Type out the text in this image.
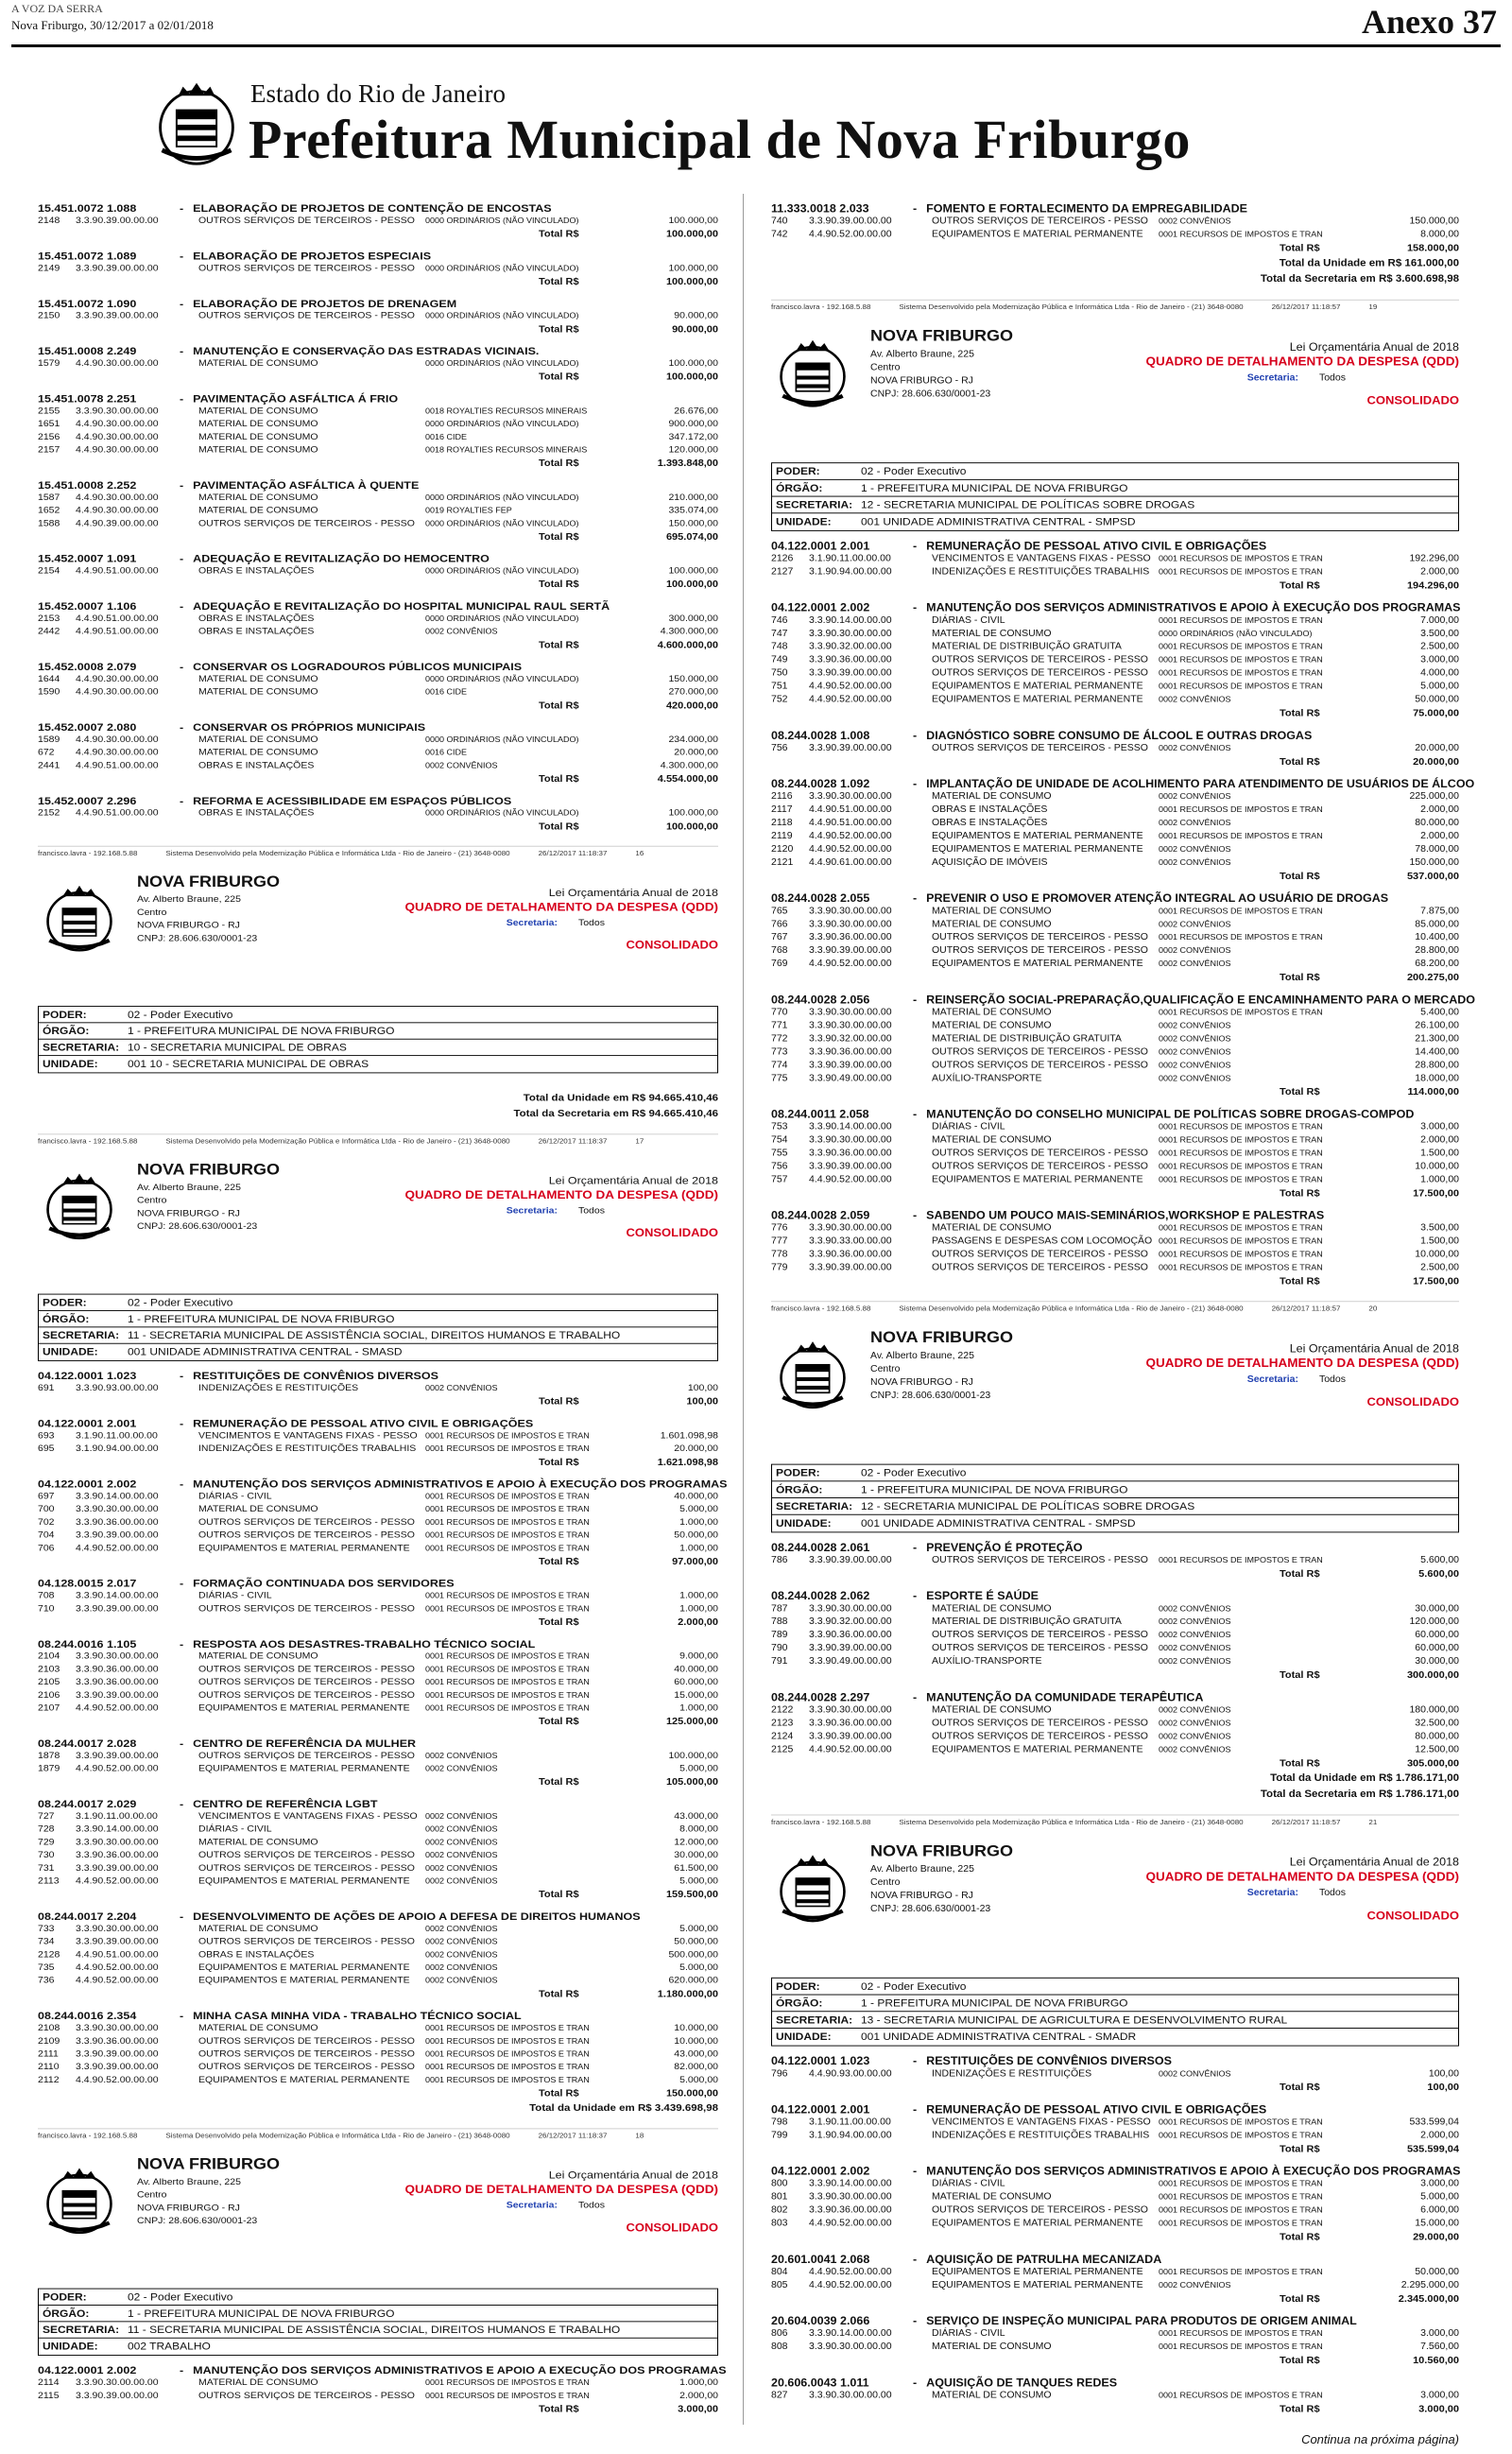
A VOZ DA SERRA
Nova Friburgo, 30/12/2017 a 02/01/2018	Anexo 37
Estado do Rio de Janeiro
Prefeitura Municipal de Nova Friburgo
15.451.0072 1.088	- ELABORAÇÃO DE PROJETOS DE CONTENÇÃO DE ENCOSTAS
2148	3.3.90.39.00.00.00	OUTROS SERVIÇOS DE TERCEIROS - PESSO	0000 ORDINÁRIOS (NÃO VINCULADO)	100.000,00
Total R$	100.000,00
15.451.0072 1.089	- ELABORAÇÃO DE PROJETOS ESPECIAIS
2149	3.3.90.39.00.00.00	OUTROS SERVIÇOS DE TERCEIROS - PESSO	0000 ORDINÁRIOS (NÃO VINCULADO)	100.000,00
Total R$	100.000,00
15.451.0072 1.090	- ELABORAÇÃO DE PROJETOS DE DRENAGEM
2150	3.3.90.39.00.00.00	OUTROS SERVIÇOS DE TERCEIROS - PESSO	0000 ORDINÁRIOS (NÃO VINCULADO)	90.000,00
Total R$	90.000,00
15.451.0008 2.249	- MANUTENÇÃO E CONSERVAÇÃO DAS ESTRADAS VICINAIS.
1579	4.4.90.30.00.00.00	MATERIAL DE CONSUMO	0000 ORDINÁRIOS (NÃO VINCULADO)	100.000,00
Total R$	100.000,00
15.451.0078 2.251	- PAVIMENTAÇÃO ASFÁLTICA Á FRIO
2155	3.3.90.30.00.00.00	MATERIAL DE CONSUMO	0018 ROYALTIES RECURSOS MINERAIS	26.676,00
1651	4.4.90.30.00.00.00	MATERIAL DE CONSUMO	0000 ORDINÁRIOS (NÃO VINCULADO)	900.000,00
2156	4.4.90.30.00.00.00	MATERIAL DE CONSUMO	0016 CIDE	347.172,00
2157	4.4.90.30.00.00.00	MATERIAL DE CONSUMO	0018 ROYALTIES RECURSOS MINERAIS	120.000,00
Total R$	1.393.848,00
15.451.0008 2.252	- PAVIMENTAÇÃO ASFÁLTICA À QUENTE
1587	4.4.90.30.00.00.00	MATERIAL DE CONSUMO	0000 ORDINÁRIOS (NÃO VINCULADO)	210.000,00
1652	4.4.90.30.00.00.00	MATERIAL DE CONSUMO	0019 ROYALTIES FEP	335.074,00
1588	4.4.90.39.00.00.00	OUTROS SERVIÇOS DE TERCEIROS - PESSO	0000 ORDINÁRIOS (NÃO VINCULADO)	150.000,00
Total R$	695.074,00
15.452.0007 1.091	- ADEQUAÇÃO E REVITALIZAÇÃO DO HEMOCENTRO
2154	4.4.90.51.00.00.00	OBRAS E INSTALAÇÕES	0000 ORDINÁRIOS (NÃO VINCULADO)	100.000,00
Total R$	100.000,00
15.452.0007 1.106	- ADEQUAÇÃO E REVITALIZAÇÃO DO HOSPITAL MUNICIPAL RAUL SERTÃ
2153	4.4.90.51.00.00.00	OBRAS E INSTALAÇÕES	0000 ORDINÁRIOS (NÃO VINCULADO)	300.000,00
2442	4.4.90.51.00.00.00	OBRAS E INSTALAÇÕES	0002 CONVÊNIOS	4.300.000,00
Total R$	4.600.000,00
15.452.0008 2.079	- CONSERVAR OS LOGRADOUROS PÚBLICOS MUNICIPAIS
1644	4.4.90.30.00.00.00	MATERIAL DE CONSUMO	0000 ORDINÁRIOS (NÃO VINCULADO)	150.000,00
1590	4.4.90.30.00.00.00	MATERIAL DE CONSUMO	0016 CIDE	270.000,00
Total R$	420.000,00
15.452.0007 2.080	- CONSERVAR OS PRÓPRIOS MUNICIPAIS
1589	4.4.90.30.00.00.00	MATERIAL DE CONSUMO	0000 ORDINÁRIOS (NÃO VINCULADO)	234.000,00
672	4.4.90.30.00.00.00	MATERIAL DE CONSUMO	0016 CIDE	20.000,00
2441	4.4.90.51.00.00.00	OBRAS E INSTALAÇÕES	0002 CONVÊNIOS	4.300.000,00
Total R$	4.554.000,00
15.452.0007 2.296	- REFORMA E ACESSIBILIDADE EM ESPAÇOS PÚBLICOS
2152	4.4.90.51.00.00.00	OBRAS E INSTALAÇÕES	0000 ORDINÁRIOS (NÃO VINCULADO)	100.000,00
Total R$	100.000,00
francisco.lavra - 192.168.5.88	Sistema Desenvolvido pela Modernização Pública e Informática Ltda - Rio de Janeiro - (21) 3648-0080	26/12/2017 11:18:37	16
NOVA FRIBURGO
Av. Alberto Braune, 225
Centro
NOVA FRIBURGO - RJ
CNPJ: 28.606.630/0001-23
Lei Orçamentária Anual de 2018
QUADRO DE DETALHAMENTO DA DESPESA (QDD)
Secretaria: Todos
CONSOLIDADO
PODER:	02 - Poder Executivo
ÓRGÃO:	1 - PREFEITURA MUNICIPAL DE NOVA FRIBURGO
SECRETARIA: 10 - SECRETARIA MUNICIPAL DE OBRAS
UNIDADE:	001 10 - SECRETARIA MUNICIPAL DE OBRAS
Total da Unidade em R$ 94.665.410,46
Total da Secretaria em R$ 94.665.410,46
francisco.lavra - 192.168.5.88	Sistema Desenvolvido pela Modernização Pública e Informática Ltda - Rio de Janeiro - (21) 3648-0080	26/12/2017 11:18:37	17
NOVA FRIBURGO
Av. Alberto Braune, 225
Centro
NOVA FRIBURGO - RJ
CNPJ: 28.606.630/0001-23
Lei Orçamentária Anual de 2018
QUADRO DE DETALHAMENTO DA DESPESA (QDD)
Secretaria: Todos
CONSOLIDADO
PODER:	02 - Poder Executivo
ÓRGÃO:	1 - PREFEITURA MUNICIPAL DE NOVA FRIBURGO
SECRETARIA: 11 - SECRETARIA MUNICIPAL DE ASSISTÊNCIA SOCIAL, DIREITOS HUMANOS E TRABALHO
UNIDADE:	001 UNIDADE ADMINISTRATIVA CENTRAL - SMASD
04.122.0001 1.023	- RESTITUIÇÕES DE CONVÊNIOS DIVERSOS
691	3.3.90.93.00.00.00	INDENIZAÇÕES E RESTITUIÇÕES	0002 CONVÊNIOS	100,00
Total R$	100,00
04.122.0001 2.001	- REMUNERAÇÃO DE PESSOAL ATIVO CIVIL E OBRIGAÇÕES
693	3.1.90.11.00.00.00	VENCIMENTOS E VANTAGENS FIXAS - PESSO 0001 RECURSOS DE IMPOSTOS E TRAN	1.601.098,98
695	3.1.90.94.00.00.00	INDENIZAÇÕES E RESTITUIÇÕES TRABALHIS	0001 RECURSOS DE IMPOSTOS E TRAN	20.000,00
Total R$	1.621.098,98
04.122.0001 2.002	- MANUTENÇÃO DOS SERVIÇOS ADMINISTRATIVOS E APOIO À EXECUÇÃO DOS PROGRAMAS
697	3.3.90.14.00.00.00	DIÁRIAS - CIVIL	0001 RECURSOS DE IMPOSTOS E TRAN	40.000,00
700	3.3.90.30.00.00.00	MATERIAL DE CONSUMO	0001 RECURSOS DE IMPOSTOS E TRAN	5.000,00
702	3.3.90.36.00.00.00	OUTROS SERVIÇOS DE TERCEIROS - PESSO	0001 RECURSOS DE IMPOSTOS E TRAN	1.000,00
704	3.3.90.39.00.00.00	OUTROS SERVIÇOS DE TERCEIROS - PESSO	0001 RECURSOS DE IMPOSTOS E TRAN	50.000,00
706	4.4.90.52.00.00.00	EQUIPAMENTOS E MATERIAL PERMANENTE	0001 RECURSOS DE IMPOSTOS E TRAN	1.000,00
Total R$	97.000,00
04.128.0015 2.017	- FORMAÇÃO CONTINUADA DOS SERVIDORES
708	3.3.90.14.00.00.00	DIÁRIAS - CIVIL	0001 RECURSOS DE IMPOSTOS E TRAN	1.000,00
710	3.3.90.39.00.00.00	OUTROS SERVIÇOS DE TERCEIROS - PESSO	0001 RECURSOS DE IMPOSTOS E TRAN	1.000,00
Total R$	2.000,00
08.244.0016 1.105	- RESPOSTA AOS DESASTRES-TRABALHO TÉCNICO SOCIAL
2104	3.3.90.30.00.00.00	MATERIAL DE CONSUMO	0001 RECURSOS DE IMPOSTOS E TRAN	9.000,00
2103	3.3.90.36.00.00.00	OUTROS SERVIÇOS DE TERCEIROS - PESSO	0001 RECURSOS DE IMPOSTOS E TRAN	40.000,00
2105	3.3.90.36.00.00.00	OUTROS SERVIÇOS DE TERCEIROS - PESSO	0001 RECURSOS DE IMPOSTOS E TRAN	60.000,00
2106	3.3.90.39.00.00.00	OUTROS SERVIÇOS DE TERCEIROS - PESSO	0001 RECURSOS DE IMPOSTOS E TRAN	15.000,00
2107	4.4.90.52.00.00.00	EQUIPAMENTOS E MATERIAL PERMANENTE	0001 RECURSOS DE IMPOSTOS E TRAN	1.000,00
Total R$	125.000,00
08.244.0017 2.028	- CENTRO DE REFERÊNCIA DA MULHER
1878	3.3.90.39.00.00.00	OUTROS SERVIÇOS DE TERCEIROS - PESSO	0002 CONVÊNIOS	100.000,00
1879	4.4.90.52.00.00.00	EQUIPAMENTOS E MATERIAL PERMANENTE	0002 CONVÊNIOS	5.000,00
Total R$	105.000,00
08.244.0017 2.029	- CENTRO DE REFERÊNCIA LGBT
727	3.1.90.11.00.00.00	VENCIMENTOS E VANTAGENS FIXAS - PESSO 0002 CONVÊNIOS	43.000,00
728	3.3.90.14.00.00.00	DIÁRIAS - CIVIL	0002 CONVÊNIOS	8.000,00
729	3.3.90.30.00.00.00	MATERIAL DE CONSUMO	0002 CONVÊNIOS	12.000,00
730	3.3.90.36.00.00.00	OUTROS SERVIÇOS DE TERCEIROS - PESSO	0002 CONVÊNIOS	30.000,00
731	3.3.90.39.00.00.00	OUTROS SERVIÇOS DE TERCEIROS - PESSO	0002 CONVÊNIOS	61.500,00
2113	4.4.90.52.00.00.00	EQUIPAMENTOS E MATERIAL PERMANENTE	0002 CONVÊNIOS	5.000,00
Total R$	159.500,00
08.244.0017 2.204	- DESENVOLVIMENTO DE AÇÕES DE APOIO A DEFESA DE DIREITOS HUMANOS
733	3.3.90.30.00.00.00	MATERIAL DE CONSUMO	0002 CONVÊNIOS	5.000,00
734	3.3.90.39.00.00.00	OUTROS SERVIÇOS DE TERCEIROS - PESSO	0002 CONVÊNIOS	50.000,00
2128	4.4.90.51.00.00.00	OBRAS E INSTALAÇÕES	0002 CONVÊNIOS	500.000,00
735	4.4.90.52.00.00.00	EQUIPAMENTOS E MATERIAL PERMANENTE	0002 CONVÊNIOS	5.000,00
736	4.4.90.52.00.00.00	EQUIPAMENTOS E MATERIAL PERMANENTE	0002 CONVÊNIOS	620.000,00
Total R$	1.180.000,00
08.244.0016 2.354	- MINHA CASA MINHA VIDA - TRABALHO TÉCNICO SOCIAL
2108	3.3.90.30.00.00.00	MATERIAL DE CONSUMO	0001 RECURSOS DE IMPOSTOS E TRAN	10.000,00
2109	3.3.90.36.00.00.00	OUTROS SERVIÇOS DE TERCEIROS - PESSO	0001 RECURSOS DE IMPOSTOS E TRAN	10.000,00
2111	3.3.90.39.00.00.00	OUTROS SERVIÇOS DE TERCEIROS - PESSO	0001 RECURSOS DE IMPOSTOS E TRAN	43.000,00
2110	3.3.90.39.00.00.00	OUTROS SERVIÇOS DE TERCEIROS - PESSO	0001 RECURSOS DE IMPOSTOS E TRAN	82.000,00
2112	4.4.90.52.00.00.00	EQUIPAMENTOS E MATERIAL PERMANENTE	0001 RECURSOS DE IMPOSTOS E TRAN	5.000,00
Total R$	150.000,00
Total da Unidade em R$ 3.439.698,98
francisco.lavra - 192.168.5.88	Sistema Desenvolvido pela Modernização Pública e Informática Ltda - Rio de Janeiro - (21) 3648-0080	26/12/2017 11:18:37	18
NOVA FRIBURGO
Av. Alberto Braune, 225
Centro
NOVA FRIBURGO - RJ
CNPJ: 28.606.630/0001-23
Lei Orçamentária Anual de 2018
QUADRO DE DETALHAMENTO DA DESPESA (QDD)
Secretaria: Todos
CONSOLIDADO
PODER:	02 - Poder Executivo
ÓRGÃO:	1 - PREFEITURA MUNICIPAL DE NOVA FRIBURGO
SECRETARIA: 11 - SECRETARIA MUNICIPAL DE ASSISTÊNCIA SOCIAL, DIREITOS HUMANOS E TRABALHO
UNIDADE:	002 TRABALHO
04.122.0001 2.002	- MANUTENÇÃO DOS SERVIÇOS ADMINISTRATIVOS E APOIO A EXECUÇÃO DOS PROGRAMAS
2114	3.3.90.30.00.00.00	MATERIAL DE CONSUMO	0001 RECURSOS DE IMPOSTOS E TRAN	1.000,00
2115	3.3.90.39.00.00.00	OUTROS SERVIÇOS DE TERCEIROS - PESSO	0001 RECURSOS DE IMPOSTOS E TRAN	2.000,00
Total R$	3.000,00
11.333.0018 2.033	- FOMENTO E FORTALECIMENTO DA EMPREGABILIDADE
740	3.3.90.39.00.00.00	OUTROS SERVIÇOS DE TERCEIROS - PESSO	0002 CONVÊNIOS	150.000,00
742	4.4.90.52.00.00.00	EQUIPAMENTOS E MATERIAL PERMANENTE	0001 RECURSOS DE IMPOSTOS E TRAN	8.000,00
Total R$	158.000,00
Total da Unidade em R$ 161.000,00
Total da Secretaria em R$ 3.600.698,98
francisco.lavra - 192.168.5.88	Sistema Desenvolvido pela Modernização Pública e Informática Ltda - Rio de Janeiro - (21) 3648-0080	26/12/2017 11:18:57	19
NOVA FRIBURGO
Av. Alberto Braune, 225
Centro
NOVA FRIBURGO - RJ
CNPJ: 28.606.630/0001-23
Lei Orçamentária Anual de 2018
QUADRO DE DETALHAMENTO DA DESPESA (QDD)
Secretaria: Todos
CONSOLIDADO
PODER:	02 - Poder Executivo
ÓRGÃO:	1 - PREFEITURA MUNICIPAL DE NOVA FRIBURGO
SECRETARIA: 12 - SECRETARIA MUNICIPAL DE POLÍTICAS SOBRE DROGAS
UNIDADE:	001 UNIDADE ADMINISTRATIVA CENTRAL - SMPSD
04.122.0001 2.001	- REMUNERAÇÃO DE PESSOAL ATIVO CIVIL E OBRIGAÇÕES
2126	3.1.90.11.00.00.00	VENCIMENTOS E VANTAGENS FIXAS - PESSO 0001 RECURSOS DE IMPOSTOS E TRAN	192.296,00
2127	3.1.90.94.00.00.00	INDENIZAÇÕES E RESTITUIÇÕES TRABALHIS	0001 RECURSOS DE IMPOSTOS E TRAN	2.000,00
Total R$	194.296,00
04.122.0001 2.002	- MANUTENÇÃO DOS SERVIÇOS ADMINISTRATIVOS E APOIO À EXECUÇÃO DOS PROGRAMAS
746	3.3.90.14.00.00.00	DIÁRIAS - CIVIL	0001 RECURSOS DE IMPOSTOS E TRAN	7.000,00
747	3.3.90.30.00.00.00	MATERIAL DE CONSUMO	0000 ORDINÁRIOS (NÃO VINCULADO)	3.500,00
748	3.3.90.32.00.00.00	MATERIAL DE DISTRIBUIÇÃO GRATUITA	0001 RECURSOS DE IMPOSTOS E TRAN	2.500,00
749	3.3.90.36.00.00.00	OUTROS SERVIÇOS DE TERCEIROS - PESSO	0001 RECURSOS DE IMPOSTOS E TRAN	3.000,00
750	3.3.90.39.00.00.00	OUTROS SERVIÇOS DE TERCEIROS - PESSO	0001 RECURSOS DE IMPOSTOS E TRAN	4.000,00
751	4.4.90.52.00.00.00	EQUIPAMENTOS E MATERIAL PERMANENTE	0001 RECURSOS DE IMPOSTOS E TRAN	5.000,00
752	4.4.90.52.00.00.00	EQUIPAMENTOS E MATERIAL PERMANENTE	0002 CONVÊNIOS	50.000,00
Total R$	75.000,00
08.244.0028 1.008	- DIAGNÓSTICO SOBRE CONSUMO DE ÁLCOOL E OUTRAS DROGAS
756	3.3.90.39.00.00.00	OUTROS SERVIÇOS DE TERCEIROS - PESSO	0002 CONVÊNIOS	20.000,00
Total R$	20.000,00
08.244.0028 1.092	- IMPLANTAÇÃO DE UNIDADE DE ACOLHIMENTO PARA ATENDIMENTO DE USUÁRIOS DE ÁLCOO
2116	3.3.90.30.00.00.00	MATERIAL DE CONSUMO	0002 CONVÊNIOS	225.000,00
2117	4.4.90.51.00.00.00	OBRAS E INSTALAÇÕES	0001 RECURSOS DE IMPOSTOS E TRAN	2.000,00
2118	4.4.90.51.00.00.00	OBRAS E INSTALAÇÕES	0002 CONVÊNIOS	80.000,00
2119	4.4.90.52.00.00.00	EQUIPAMENTOS E MATERIAL PERMANENTE	0001 RECURSOS DE IMPOSTOS E TRAN	2.000,00
2120	4.4.90.52.00.00.00	EQUIPAMENTOS E MATERIAL PERMANENTE	0002 CONVÊNIOS	78.000,00
2121	4.4.90.61.00.00.00	AQUISIÇÃO DE IMÓVEIS	0002 CONVÊNIOS	150.000,00
Total R$	537.000,00
08.244.0028 2.055	- PREVENIR O USO E PROMOVER ATENÇÃO INTEGRAL AO USUÁRIO DE DROGAS
765	3.3.90.30.00.00.00	MATERIAL DE CONSUMO	0001 RECURSOS DE IMPOSTOS E TRAN	7.875,00
766	3.3.90.30.00.00.00	MATERIAL DE CONSUMO	0002 CONVÊNIOS	85.000,00
767	3.3.90.36.00.00.00	OUTROS SERVIÇOS DE TERCEIROS - PESSO	0001 RECURSOS DE IMPOSTOS E TRAN	10.400,00
768	3.3.90.39.00.00.00	OUTROS SERVIÇOS DE TERCEIROS - PESSO	0002 CONVÊNIOS	28.800,00
769	4.4.90.52.00.00.00	EQUIPAMENTOS E MATERIAL PERMANENTE	0002 CONVÊNIOS	68.200,00
Total R$	200.275,00
08.244.0028 2.056	- REINSERÇÃO SOCIAL-PREPARAÇÃO,QUALIFICAÇÃO E ENCAMINHAMENTO PARA O MERCADO
770	3.3.90.30.00.00.00	MATERIAL DE CONSUMO	0001 RECURSOS DE IMPOSTOS E TRAN	5.400,00
771	3.3.90.30.00.00.00	MATERIAL DE CONSUMO	0002 CONVÊNIOS	26.100,00
772	3.3.90.32.00.00.00	MATERIAL DE DISTRIBUIÇÃO GRATUITA	0002 CONVÊNIOS	21.300,00
773	3.3.90.36.00.00.00	OUTROS SERVIÇOS DE TERCEIROS - PESSO	0002 CONVÊNIOS	14.400,00
774	3.3.90.39.00.00.00	OUTROS SERVIÇOS DE TERCEIROS - PESSO	0002 CONVÊNIOS	28.800,00
775	3.3.90.49.00.00.00	AUXÍLIO-TRANSPORTE	0002 CONVÊNIOS	18.000,00
Total R$	114.000,00
08.244.0011 2.058	- MANUTENÇÃO DO CONSELHO MUNICIPAL DE POLÍTICAS SOBRE DROGAS-COMPOD
753	3.3.90.14.00.00.00	DIÁRIAS - CIVIL	0001 RECURSOS DE IMPOSTOS E TRAN	3.000,00
754	3.3.90.30.00.00.00	MATERIAL DE CONSUMO	0001 RECURSOS DE IMPOSTOS E TRAN	2.000,00
755	3.3.90.36.00.00.00	OUTROS SERVIÇOS DE TERCEIROS - PESSO	0001 RECURSOS DE IMPOSTOS E TRAN	1.500,00
756	3.3.90.39.00.00.00	OUTROS SERVIÇOS DE TERCEIROS - PESSO	0001 RECURSOS DE IMPOSTOS E TRAN	10.000,00
757	4.4.90.52.00.00.00	EQUIPAMENTOS E MATERIAL PERMANENTE	0001 RECURSOS DE IMPOSTOS E TRAN	1.000,00
Total R$	17.500,00
08.244.0028 2.059	- SABENDO UM POUCO MAIS-SEMINÁRIOS,WORKSHOP E PALESTRAS
776	3.3.90.30.00.00.00	MATERIAL DE CONSUMO	0001 RECURSOS DE IMPOSTOS E TRAN	3.500,00
777	3.3.90.33.00.00.00	PASSAGENS E DESPESAS COM LOCOMOÇÃO 0001 RECURSOS DE IMPOSTOS E TRAN	1.500,00
778	3.3.90.36.00.00.00	OUTROS SERVIÇOS DE TERCEIROS - PESSO	0001 RECURSOS DE IMPOSTOS E TRAN	10.000,00
779	3.3.90.39.00.00.00	OUTROS SERVIÇOS DE TERCEIROS - PESSO	0001 RECURSOS DE IMPOSTOS E TRAN	2.500,00
Total R$	17.500,00
francisco.lavra - 192.168.5.88	Sistema Desenvolvido pela Modernização Pública e Informática Ltda - Rio de Janeiro - (21) 3648-0080	26/12/2017 11:18:57	20
NOVA FRIBURGO
Av. Alberto Braune, 225
Centro
NOVA FRIBURGO - RJ
CNPJ: 28.606.630/0001-23
Lei Orçamentária Anual de 2018
QUADRO DE DETALHAMENTO DA DESPESA (QDD)
Secretaria: Todos
CONSOLIDADO
PODER:	02 - Poder Executivo
ÓRGÃO:	1 - PREFEITURA MUNICIPAL DE NOVA FRIBURGO
SECRETARIA: 12 - SECRETARIA MUNICIPAL DE POLÍTICAS SOBRE DROGAS
UNIDADE:	001 UNIDADE ADMINISTRATIVA CENTRAL - SMPSD
08.244.0028 2.061	- PREVENÇÃO É PROTEÇÃO
786	3.3.90.39.00.00.00	OUTROS SERVIÇOS DE TERCEIROS - PESSO	0001 RECURSOS DE IMPOSTOS E TRAN	5.600,00
Total R$	5.600,00
08.244.0028 2.062	- ESPORTE É SAÚDE
787	3.3.90.30.00.00.00	MATERIAL DE CONSUMO	0002 CONVÊNIOS	30.000,00
788	3.3.90.32.00.00.00	MATERIAL DE DISTRIBUIÇÃO GRATUITA	0002 CONVÊNIOS	120.000,00
789	3.3.90.36.00.00.00	OUTROS SERVIÇOS DE TERCEIROS - PESSO	0002 CONVÊNIOS	60.000,00
790	3.3.90.39.00.00.00	OUTROS SERVIÇOS DE TERCEIROS - PESSO	0002 CONVÊNIOS	60.000,00
791	3.3.90.49.00.00.00	AUXÍLIO-TRANSPORTE	0002 CONVÊNIOS	30.000,00
Total R$	300.000,00
08.244.0028 2.297	- MANUTENÇÃO DA COMUNIDADE TERAPÊUTICA
2122	3.3.90.30.00.00.00	MATERIAL DE CONSUMO	0002 CONVÊNIOS	180.000,00
2123	3.3.90.36.00.00.00	OUTROS SERVIÇOS DE TERCEIROS - PESSO	0002 CONVÊNIOS	32.500,00
2124	3.3.90.39.00.00.00	OUTROS SERVIÇOS DE TERCEIROS - PESSO	0002 CONVÊNIOS	80.000,00
2125	4.4.90.52.00.00.00	EQUIPAMENTOS E MATERIAL PERMANENTE	0002 CONVÊNIOS	12.500,00
Total R$	305.000,00
Total da Unidade em R$ 1.786.171,00
Total da Secretaria em R$ 1.786.171,00
francisco.lavra - 192.168.5.88	Sistema Desenvolvido pela Modernização Pública e Informática Ltda - Rio de Janeiro - (21) 3648-0080	26/12/2017 11:18:57	21
NOVA FRIBURGO
Av. Alberto Braune, 225
Centro
NOVA FRIBURGO - RJ
CNPJ: 28.606.630/0001-23
Lei Orçamentária Anual de 2018
QUADRO DE DETALHAMENTO DA DESPESA (QDD)
Secretaria: Todos
CONSOLIDADO
PODER:	02 - Poder Executivo
ÓRGÃO:	1 - PREFEITURA MUNICIPAL DE NOVA FRIBURGO
SECRETARIA: 13 - SECRETARIA MUNICIPAL DE AGRICULTURA E DESENVOLVIMENTO RURAL
UNIDADE:	001 UNIDADE ADMINISTRATIVA CENTRAL - SMADR
04.122.0001 1.023	- RESTITUIÇÕES DE CONVÊNIOS DIVERSOS
796	4.4.90.93.00.00.00	INDENIZAÇÕES E RESTITUIÇÕES	0002 CONVÊNIOS	100,00
Total R$	100,00
04.122.0001 2.001	- REMUNERAÇÃO DE PESSOAL ATIVO CIVIL E OBRIGAÇÕES
798	3.1.90.11.00.00.00	VENCIMENTOS E VANTAGENS FIXAS - PESSO 0001 RECURSOS DE IMPOSTOS E TRAN	533.599,04
799	3.1.90.94.00.00.00	INDENIZAÇÕES E RESTITUIÇÕES TRABALHIS	0001 RECURSOS DE IMPOSTOS E TRAN	2.000,00
Total R$	535.599,04
04.122.0001 2.002	- MANUTENÇÃO DOS SERVIÇOS ADMINISTRATIVOS E APOIO À EXECUÇÃO DOS PROGRAMAS
800	3.3.90.14.00.00.00	DIÁRIAS - CIVIL	0001 RECURSOS DE IMPOSTOS E TRAN	3.000,00
801	3.3.90.30.00.00.00	MATERIAL DE CONSUMO	0001 RECURSOS DE IMPOSTOS E TRAN	5.000,00
802	3.3.90.36.00.00.00	OUTROS SERVIÇOS DE TERCEIROS - PESSO	0001 RECURSOS DE IMPOSTOS E TRAN	6.000,00
803	4.4.90.52.00.00.00	EQUIPAMENTOS E MATERIAL PERMANENTE	0001 RECURSOS DE IMPOSTOS E TRAN	15.000,00
Total R$	29.000,00
20.601.0041 2.068	- AQUISIÇÃO DE PATRULHA MECANIZADA
804	4.4.90.52.00.00.00	EQUIPAMENTOS E MATERIAL PERMANENTE	0001 RECURSOS DE IMPOSTOS E TRAN	50.000,00
805	4.4.90.52.00.00.00	EQUIPAMENTOS E MATERIAL PERMANENTE	0002 CONVÊNIOS	2.295.000,00
Total R$	2.345.000,00
20.604.0039 2.066	- SERVIÇO DE INSPEÇÃO MUNICIPAL PARA PRODUTOS DE ORIGEM ANIMAL
806	3.3.90.14.00.00.00	DIÁRIAS - CIVIL	0001 RECURSOS DE IMPOSTOS E TRAN	3.000,00
808	3.3.90.30.00.00.00	MATERIAL DE CONSUMO	0001 RECURSOS DE IMPOSTOS E TRAN	7.560,00
Total R$	10.560,00
20.606.0043 1.011	- AQUISIÇÃO DE TANQUES REDES
827	3.3.90.30.00.00.00	MATERIAL DE CONSUMO	0001 RECURSOS DE IMPOSTOS E TRAN	3.000,00
Total R$	3.000,00
Continua na próxima página)
